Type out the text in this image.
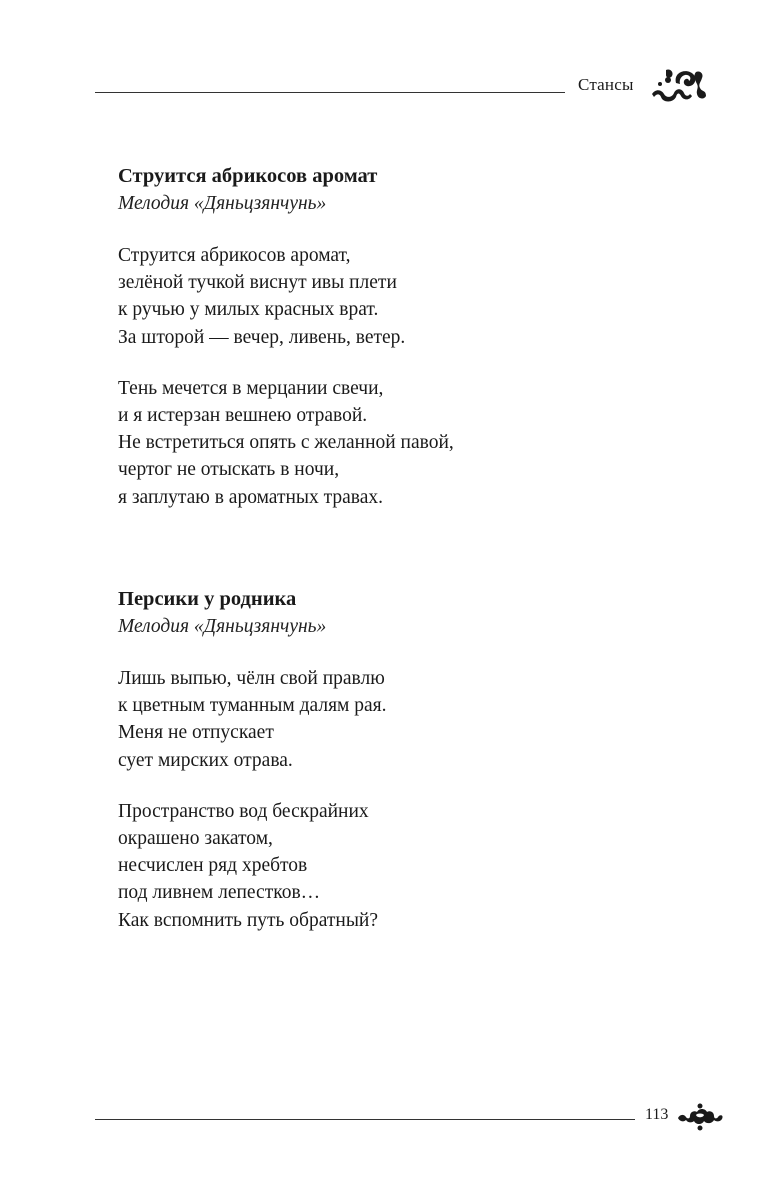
Стансы

Струится абрикосов аромат

Мелодия «Дяньцзянчунь»

Струится абрикосов аромат,
зелёной тучкой виснут ивы плети
к ручью у милых красных врат.
За шторой — вечер, ливень, ветер.
Тень мечется в мерцании свечи,
и я истерзан вешнею отравой.
Не встретиться опять с желанной павой,
чертог не отыскать в ночи,
я заплутаю в ароматных травах.

Персики у родника

Мелодия «Дяньцзянчунь»

Лишь выпью, чёлн свой правлю
к цветным туманным далям рая.
Меня не отпускает
сует мирских отрава.
Пространство вод бескрайних
окрашено закатом,
несчислен ряд хребтов
под ливнем лепестков…
Как вспомнить путь обратный?
113
